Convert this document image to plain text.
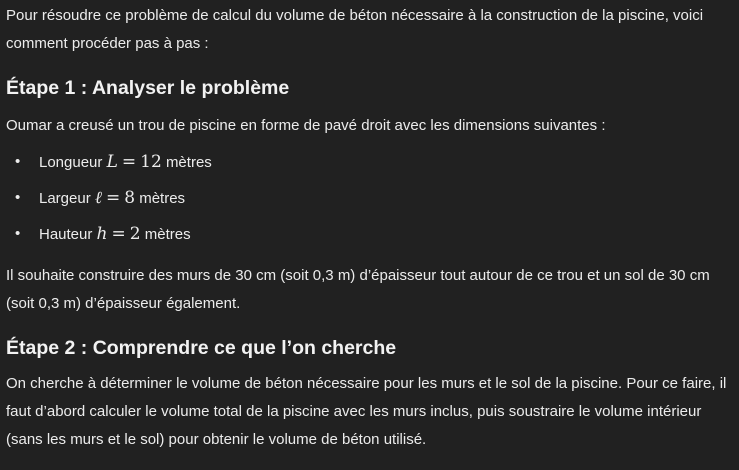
Pour résoudre ce problème de calcul du volume de béton nécessaire à la construction de la piscine, voici comment procéder pas à pas :

Étape 1 : Analyser le problème

Oumar a creusé un trou de piscine en forme de pavé droit avec les dimensions suivantes :

• Longueur L = 12 mètres
• Largeur ℓ = 8 mètres
• Hauteur h = 2 mètres

Il souhaite construire des murs de 30 cm (soit 0,3 m) d’épaisseur tout autour de ce trou et un sol de 30 cm (soit 0,3 m) d’épaisseur également.

Étape 2 : Comprendre ce que l’on cherche

On cherche à déterminer le volume de béton nécessaire pour les murs et le sol de la piscine. Pour ce faire, il faut d’abord calculer le volume total de la piscine avec les murs inclus, puis soustraire le volume intérieur (sans les murs et le sol) pour obtenir le volume de béton utilisé.
